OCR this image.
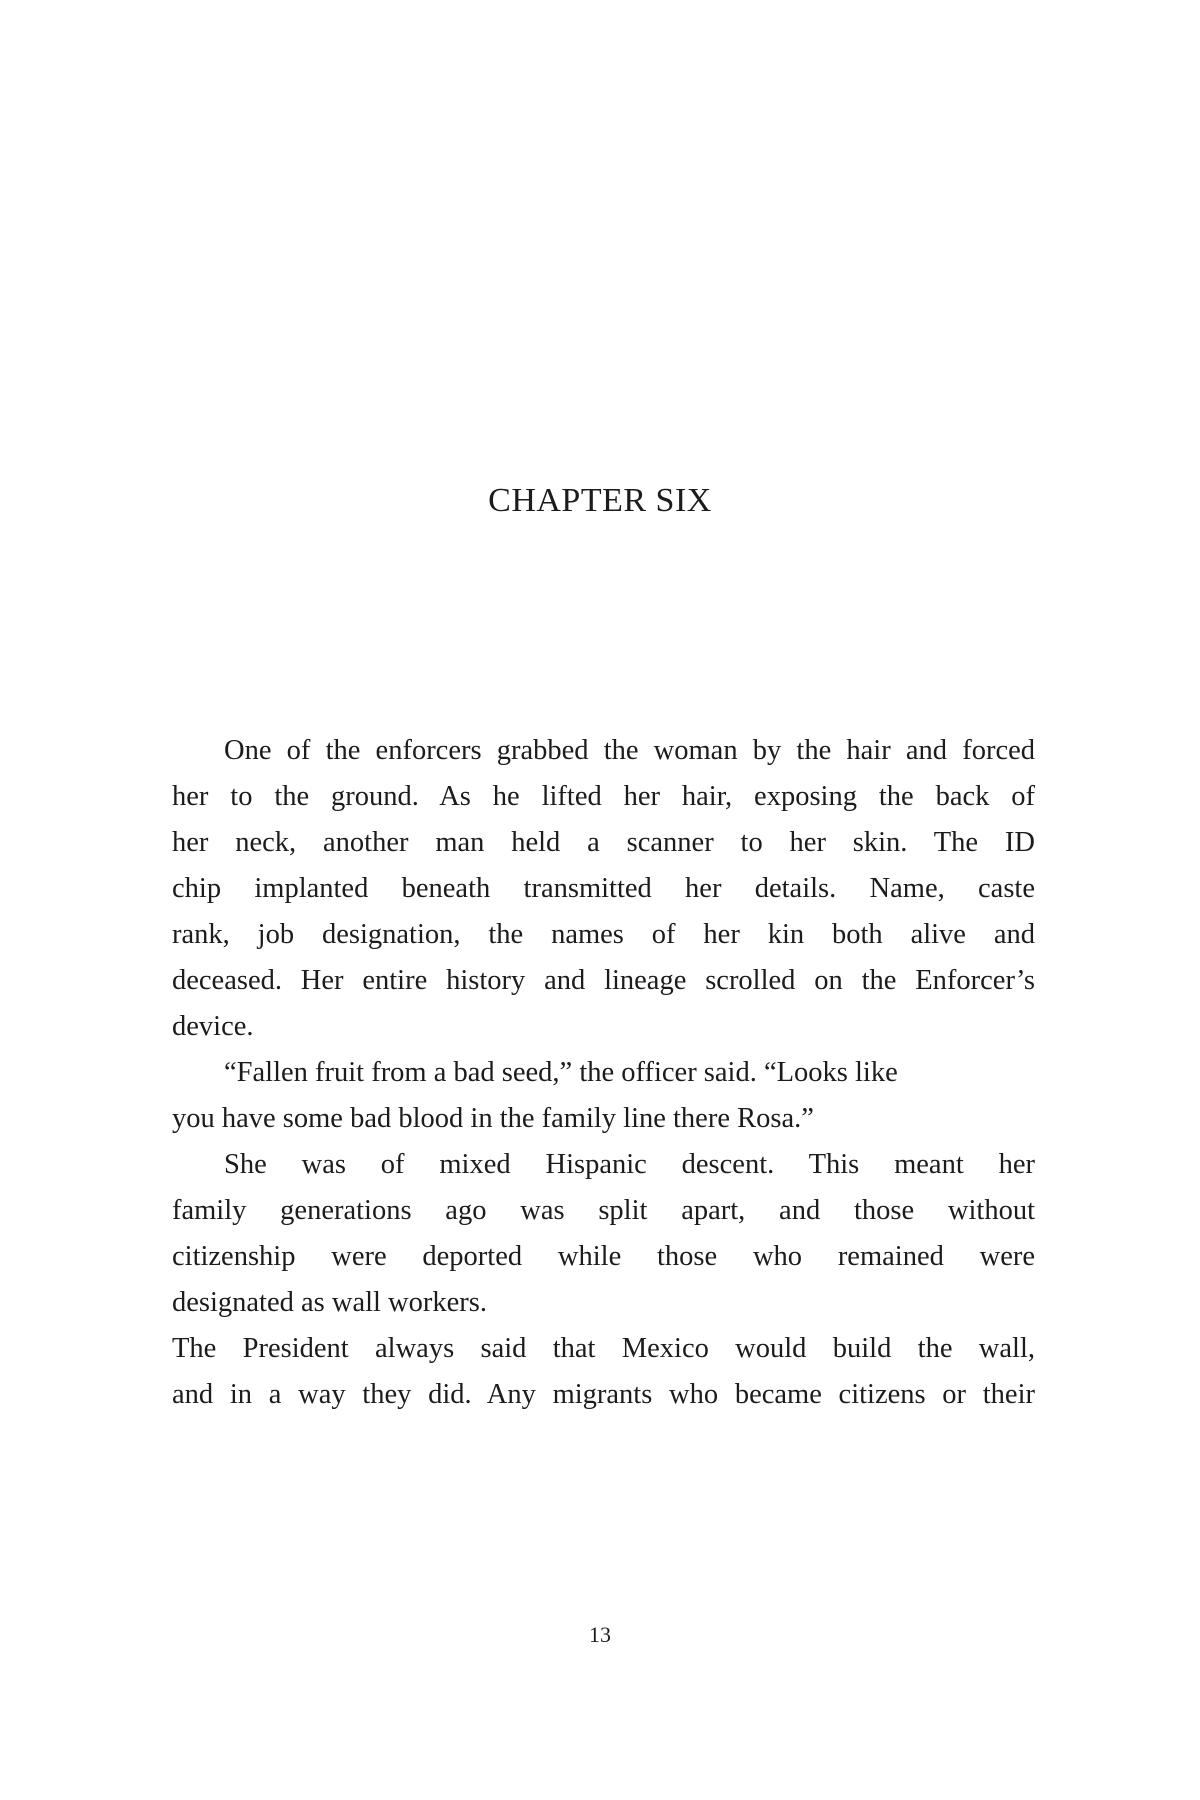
CHAPTER SIX

One of the enforcers grabbed the woman by the hair and forced
her to the ground. As he lifted her hair, exposing the back of
her neck, another man held a scanner to her skin. The ID
chip implanted beneath transmitted her details. Name, caste
rank, job designation, the names of her kin both alive and
deceased. Her entire history and lineage scrolled on the Enforcer’s
device.

“Fallen fruit from a bad seed,” the officer said. “Looks like
you have some bad blood in the family line there Rosa.”

She was of mixed Hispanic descent. This meant her
family generations ago was split apart, and those without
citizenship were deported while those who remained were
designated as wall workers.

The President always said that Mexico would build the wall,
and in a way they did. Any migrants who became citizens or their

13
